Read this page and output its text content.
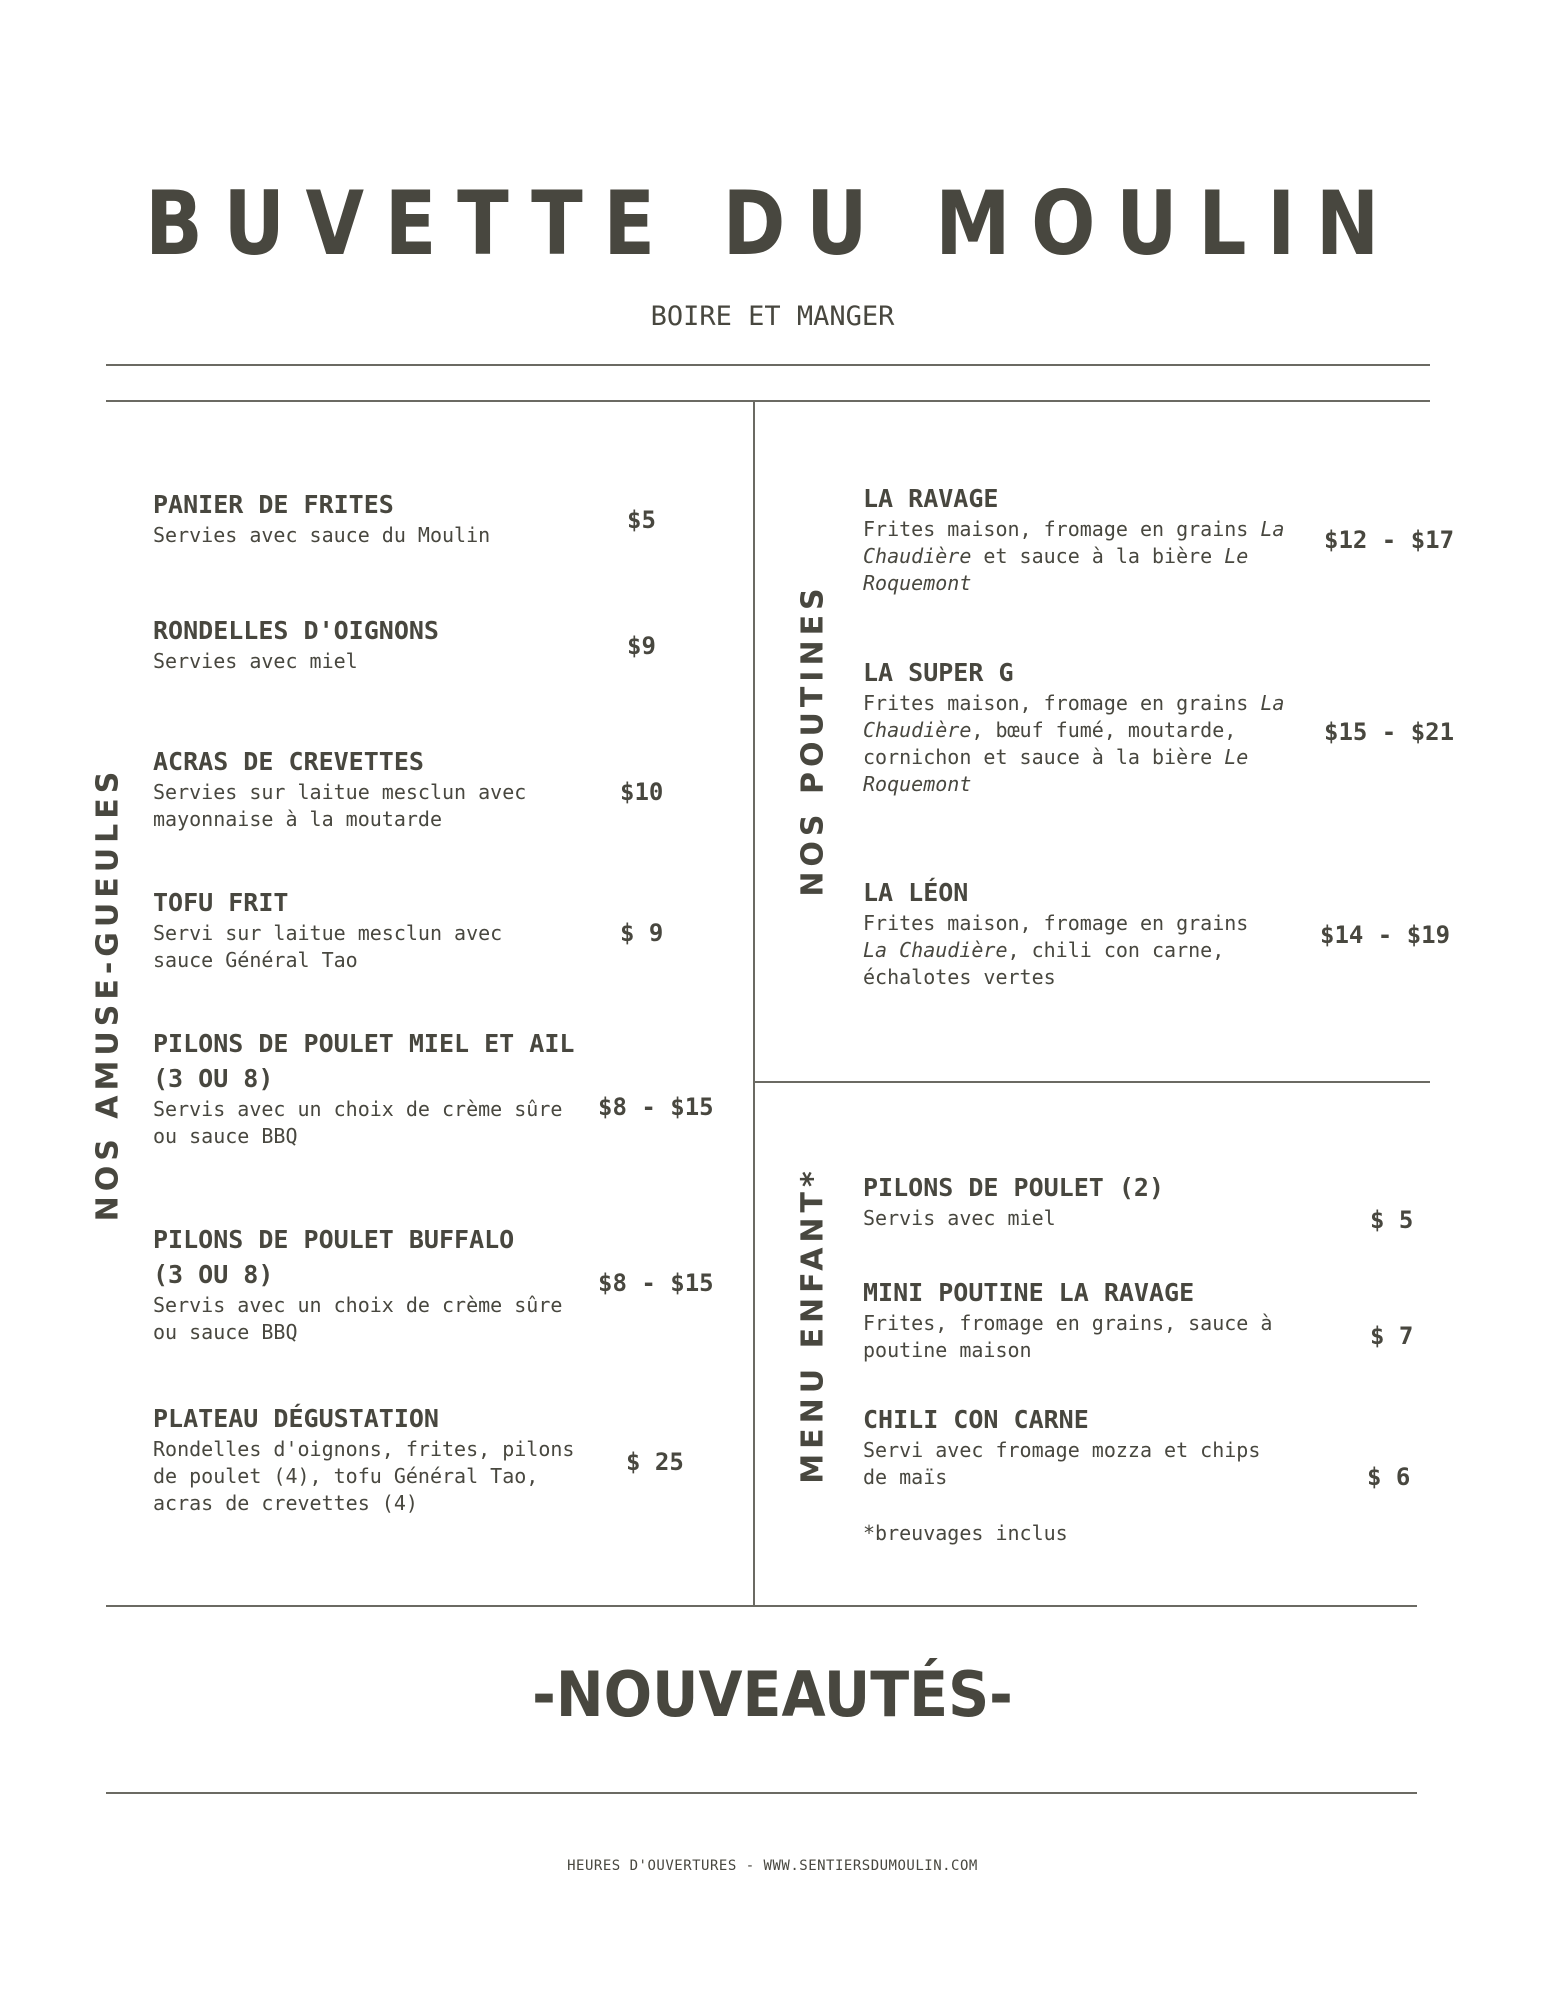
BUVETTE DU MOULIN
BOIRE ET MANGER
NOS AMUSE-GUEULES
NOS POUTINES
MENU ENFANT*
PANIER DE FRITES
Servies avec sauce du Moulin
$5
RONDELLES D'OIGNONS
Servies avec miel
$9
ACRAS DE CREVETTES
Servies sur laitue mesclun avec
mayonnaise à la moutarde
$10
TOFU FRIT
Servi sur laitue mesclun avec
sauce Général Tao
$ 9
PILONS DE POULET MIEL ET AIL
(3 OU 8)
Servis avec un choix de crème sûre
ou sauce BBQ
$8 - $15
PILONS DE POULET BUFFALO
(3 OU 8)
Servis avec un choix de crème sûre
ou sauce BBQ
$8 - $15
PLATEAU DÉGUSTATION
Rondelles d'oignons, frites, pilons
de poulet (4), tofu Général Tao,
acras de crevettes (4)
$ 25
LA RAVAGE
Frites maison, fromage en grains La
Chaudière et sauce à la bière Le
Roquemont
$12 - $17
LA SUPER G
Frites maison, fromage en grains La
Chaudière, bœuf fumé, moutarde,
cornichon et sauce à la bière Le
Roquemont
$15 - $21
LA LÉON
Frites maison, fromage en grains
La Chaudière, chili con carne,
échalotes vertes
$14 - $19
PILONS DE POULET (2)
Servis avec miel	$ 5
MINI POUTINE LA RAVAGE
Frites, fromage en grains, sauce à
poutine maison	$ 7
CHILI CON CARNE
Servi avec fromage mozza et chips
de maïs	$ 6
*breuvages inclus
-NOUVEAUTÉS-
HEURES D'OUVERTURES - WWW.SENTIERSDUMOULIN.COM
